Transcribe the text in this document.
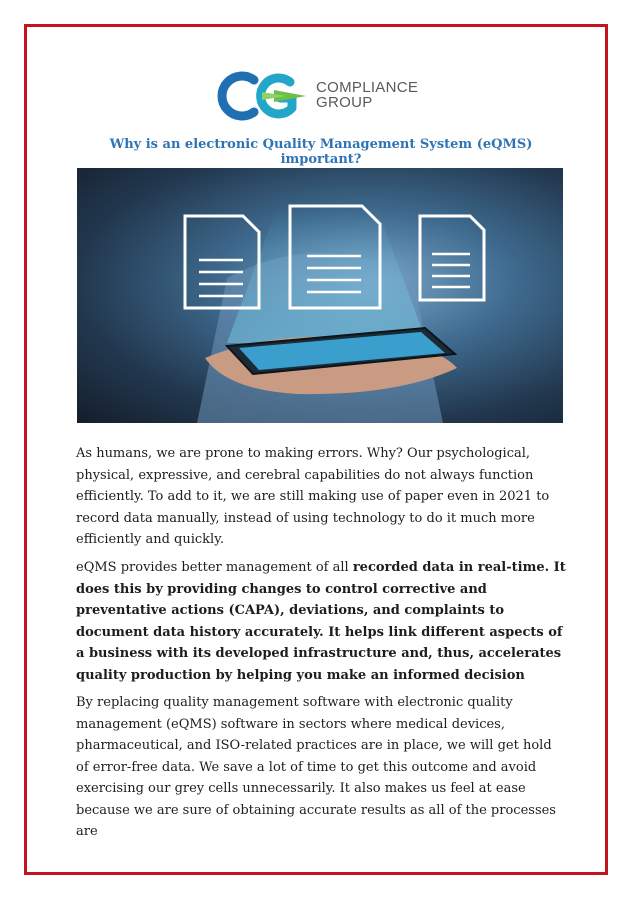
COMPLIANCE
GROUP
Why is an electronic Quality Management System (eQMS) important?

As humans, we are prone to making errors. Why? Our psychological, physical, expressive, and cerebral capabilities do not always function efficiently. To add to it, we are still making use of paper even in 2021 to record data manually, instead of using technology to do it much more efficiently and quickly.

eQMS provides better management of all recorded data in real-time. It does this by providing changes to control corrective and preventative actions (CAPA), deviations, and complaints to document data history accurately. It helps link different aspects of a business with its developed infrastructure and, thus, accelerates quality production by helping you make an informed decision

By replacing quality management software with electronic quality management (eQMS) software in sectors where medical devices, pharmaceutical, and ISO-related practices are in place, we will get hold of error-free data. We save a lot of time to get this outcome and avoid exercising our grey cells unnecessarily. It also makes us feel at ease because we are sure of obtaining accurate results as all of the processes are
